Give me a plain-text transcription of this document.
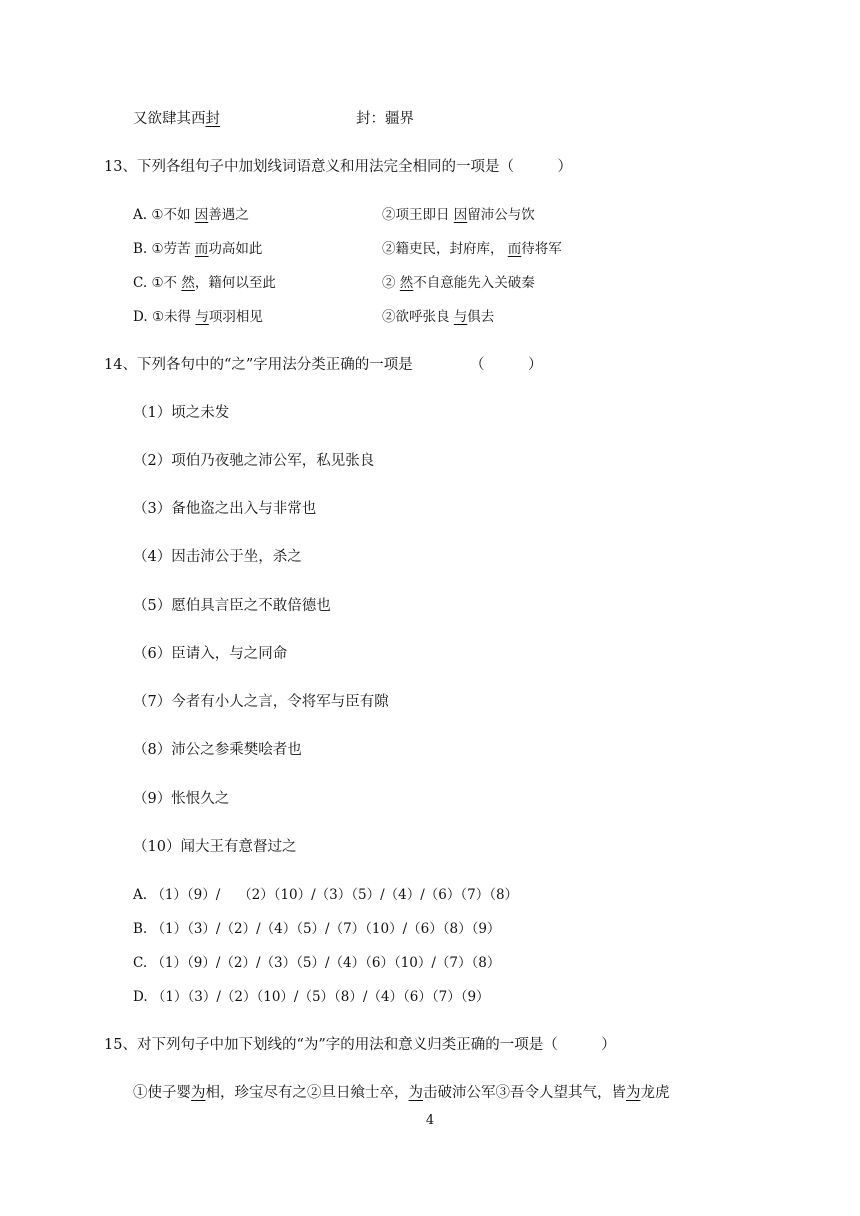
又欲肆其西封	封：疆界
13、下列各组句子中加划线词语意义和用法完全相同的一项是（　　　）
A. ①不如 因善遇之	②项王即日 因留沛公与饮
B. ①劳苦 而功高如此	②籍吏民，封府库， 而待将军
C. ①不 然，籍何以至此	② 然不自意能先入关破秦
D. ①未得 与项羽相见	②欲呼张良 与俱去
14、下列各句中的“之”字用法分类正确的一项是	（　　　）
（1）顷之未发
（2）项伯乃夜驰之沛公军，私见张良
（3）备他盗之出入与非常也
（4）因击沛公于坐，杀之
（5）愿伯具言臣之不敢倍德也
（6）臣请入，与之同命
（7）今者有小人之言，令将军与臣有隙
（8）沛公之参乘樊哙者也
（9）怅恨久之
（10）闻大王有意督过之
A. （1）（9）/　 （2）（10）/（3）（5）/（4）/（6）（7）（8）
B. （1）（3）/（2）/（4）（5）/（7）（10）/（6）（8）（9）
C. （1）（9）/（2）/（3）（5）/（4）（6）（10）/（7）（8）
D. （1）（3）/（2）（10）/（5）（8）/（4）（6）（7）（9）
15、对下列句子中加下划线的“为”字的用法和意义归类正确的一项是（　　　）
①使子婴为相，珍宝尽有之②旦日飨士卒，为击破沛公军③吾令人望其气，皆为龙虎
4
